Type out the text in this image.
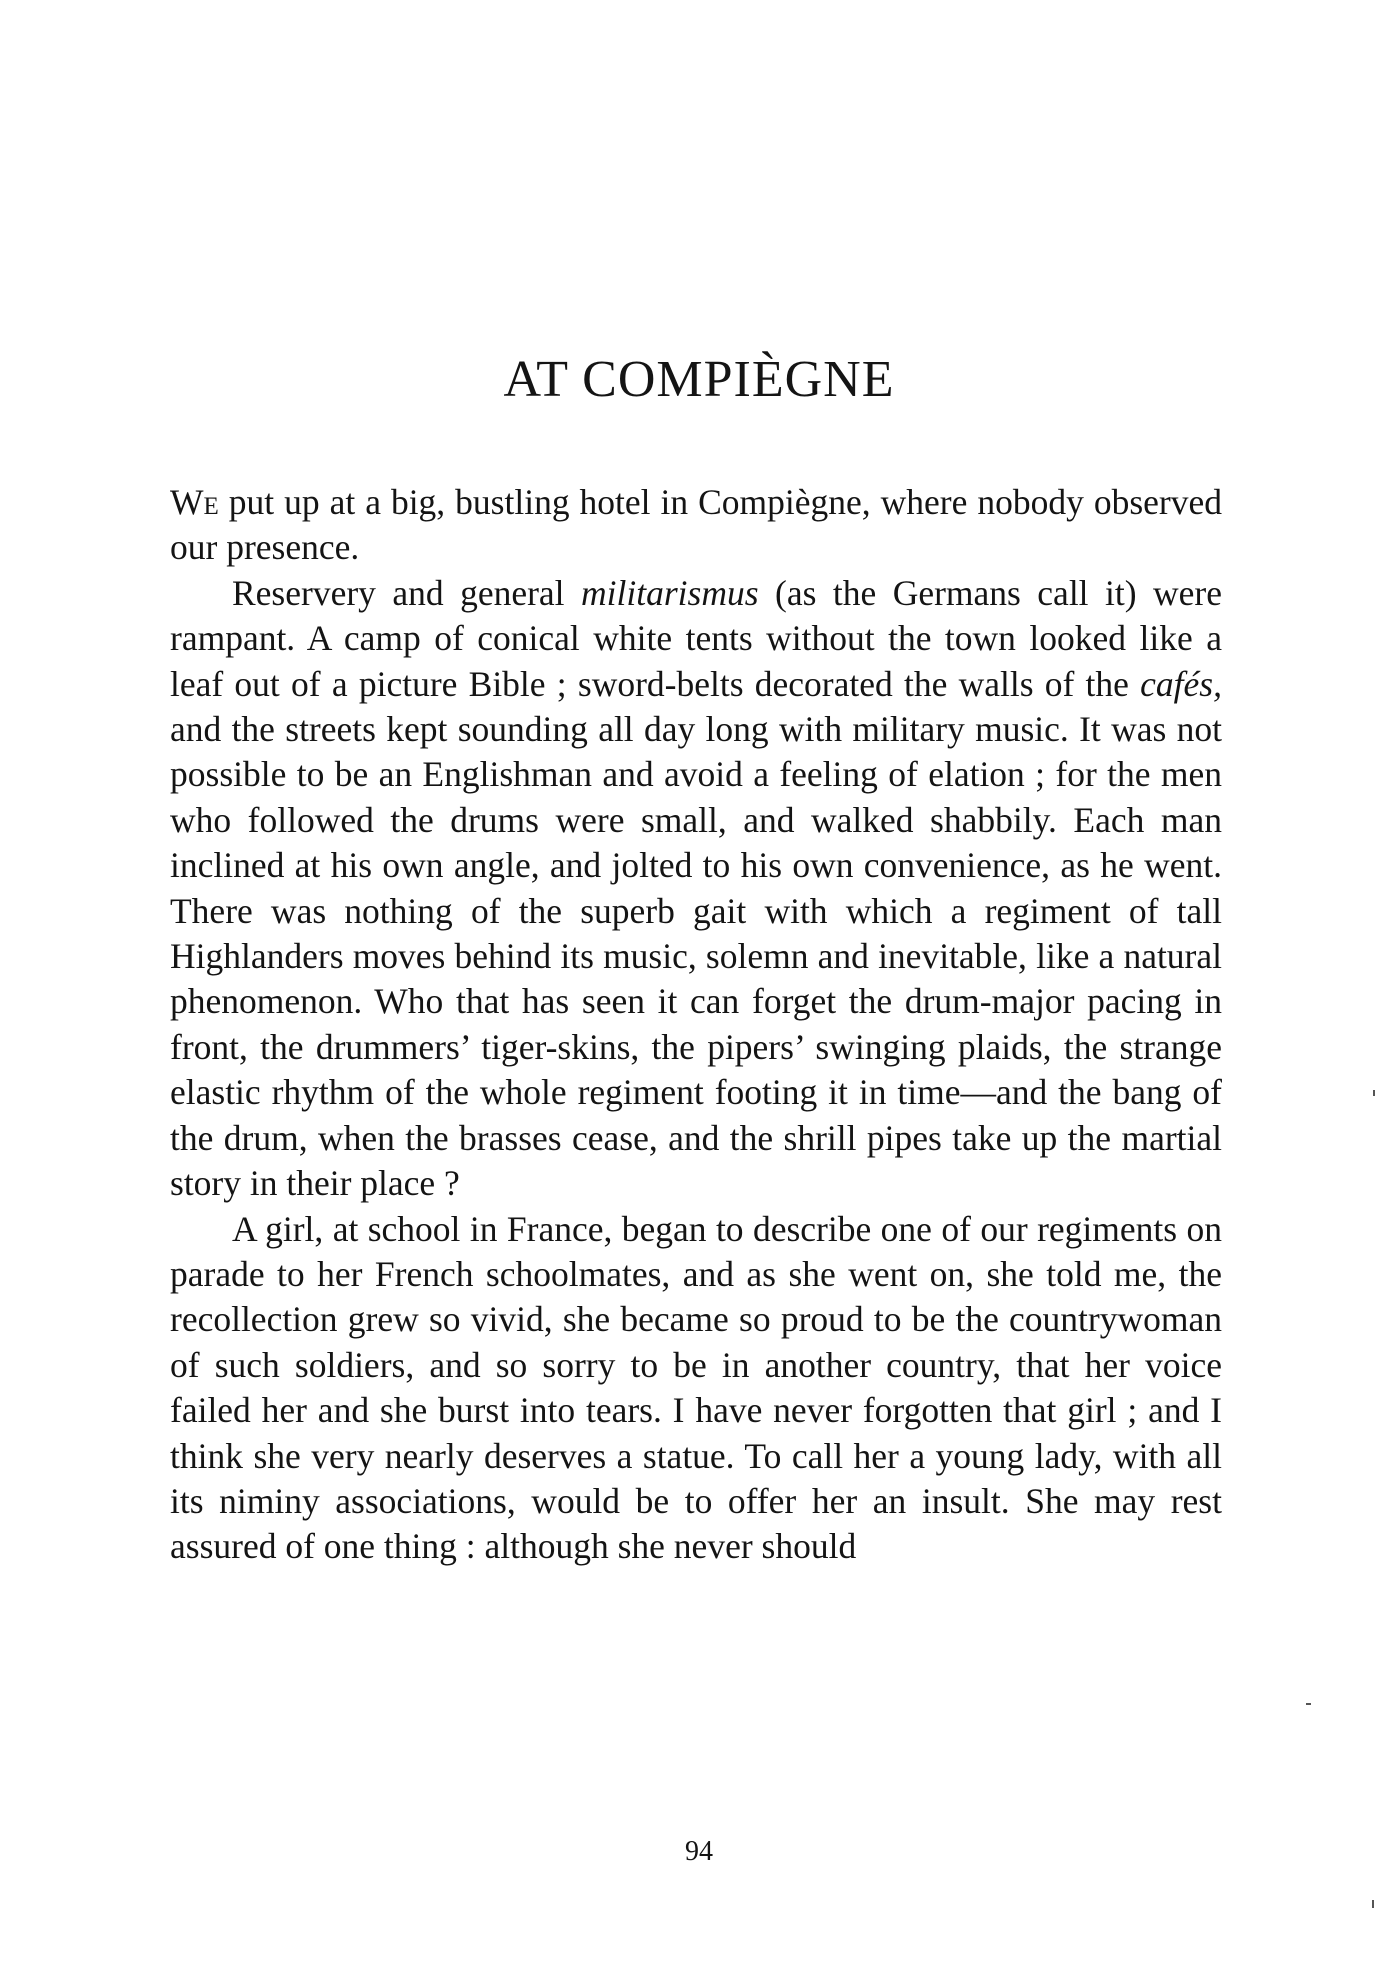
AT COMPIÈGNE

We put up at a big, bustling hotel in Compiègne, where nobody observed our presence.

Reservery and general militarismus (as the Germans call it) were rampant. A camp of conical white tents without the town looked like a leaf out of a picture Bible ; sword-belts decorated the walls of the cafés, and the streets kept sounding all day long with military music. It was not possible to be an Englishman and avoid a feeling of elation ; for the men who followed the drums were small, and walked shabbily. Each man inclined at his own angle, and jolted to his own convenience, as he went. There was nothing of the superb gait with which a regiment of tall Highlanders moves behind its music, solemn and inevitable, like a natural phenomenon. Who that has seen it can forget the drum-major pacing in front, the drummers’ tiger-skins, the pipers’ swinging plaids, the strange elastic rhythm of the whole regiment footing it in time—and the bang of the drum, when the brasses cease, and the shrill pipes take up the martial story in their place ?

A girl, at school in France, began to describe one of our regiments on parade to her French schoolmates, and as she went on, she told me, the recollection grew so vivid, she became so proud to be the countrywoman of such soldiers, and so sorry to be in another country, that her voice failed her and she burst into tears. I have never forgotten that girl ; and I think she very nearly deserves a statue. To call her a young lady, with all its niminy associations, would be to offer her an insult. She may rest assured of one thing : although she never should

94
